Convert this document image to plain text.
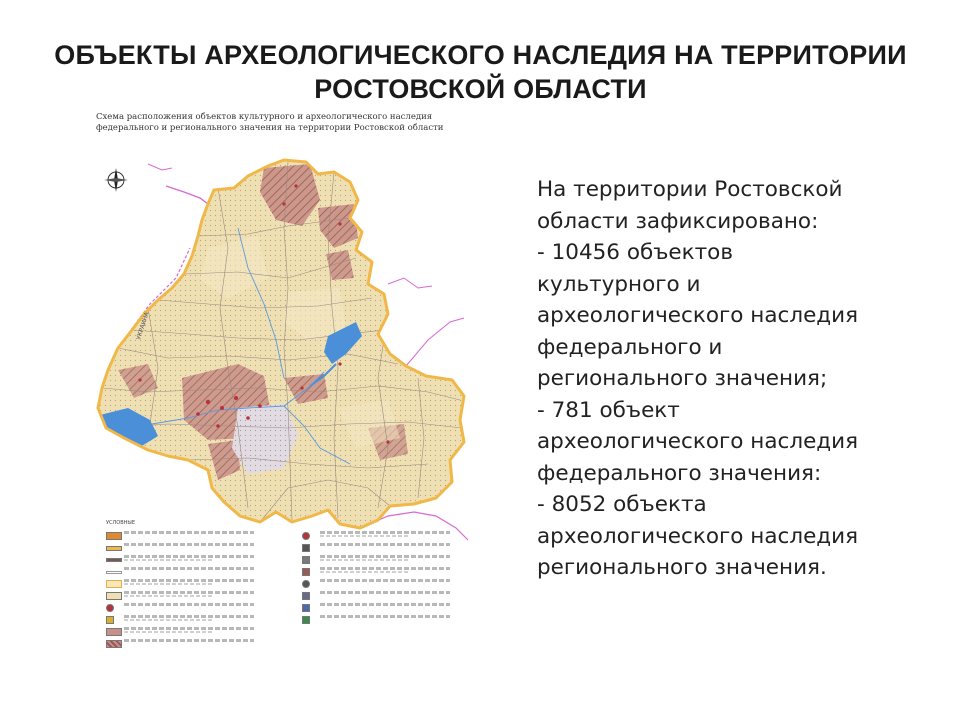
ОБЪЕКТЫ АРХЕОЛОГИЧЕСКОГО НАСЛЕДИЯ НА ТЕРРИТОРИИ
РОСТОВСКОЙ ОБЛАСТИ
УКРАИНА
Схема расположения объектов культурного и археологического наследия
федерального и регионального значения на территории Ростовской области
УСЛОВНЫЕ
На территории Ростовской
области зафиксировано:
- 10456 объектов
культурного и
археологического наследия
федерального и
регионального значения;
- 781 объект
археологического наследия
федерального значения:
- 8052 объекта
археологического наследия
регионального значения.
